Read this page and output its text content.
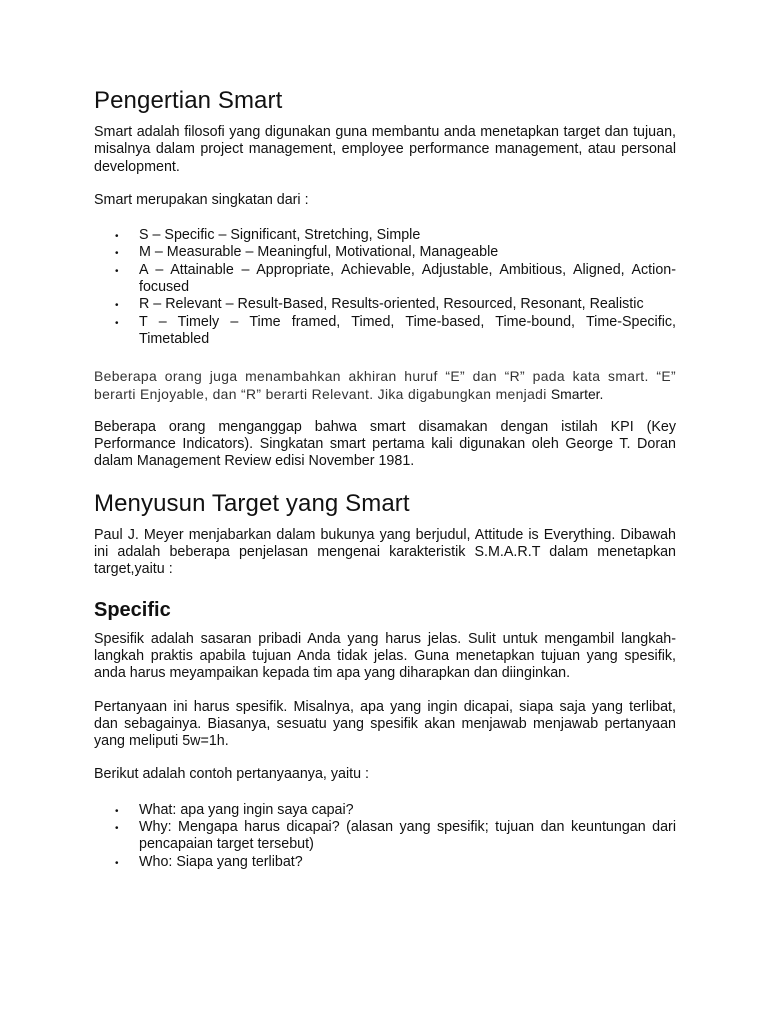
Pengertian Smart

Smart adalah filosofi yang digunakan guna membantu anda menetapkan target dan tujuan, misalnya dalam project management, employee performance management, atau personal development.

Smart merupakan singkatan dari :

• S – Specific – Significant, Stretching, Simple
• M – Measurable – Meaningful, Motivational, Manageable
• A – Attainable – Appropriate, Achievable, Adjustable, Ambitious, Aligned, Action-focused
• R – Relevant – Result-Based, Results-oriented, Resourced, Resonant, Realistic
• T – Timely – Time framed, Timed, Time-based, Time-bound, Time-Specific, Timetabled

Beberapa orang juga menambahkan akhiran huruf “E” dan “R” pada kata smart. “E” berarti Enjoyable, dan “R” berarti Relevant. Jika digabungkan menjadi Smarter.

Beberapa orang menganggap bahwa smart disamakan dengan istilah KPI (Key Performance Indicators). Singkatan smart pertama kali digunakan oleh George T. Doran dalam Management Review edisi November 1981.

Menyusun Target yang Smart

Paul J. Meyer menjabarkan dalam bukunya yang berjudul, Attitude is Everything. Dibawah ini adalah beberapa penjelasan mengenai karakteristik S.M.A.R.T dalam menetapkan target,yaitu :

Specific

Spesifik adalah sasaran pribadi Anda yang harus jelas. Sulit untuk mengambil langkah-langkah praktis apabila tujuan Anda tidak jelas. Guna menetapkan tujuan yang spesifik, anda harus meyampaikan kepada tim apa yang diharapkan dan diinginkan.

Pertanyaan ini harus spesifik. Misalnya, apa yang ingin dicapai, siapa saja yang terlibat, dan sebagainya. Biasanya, sesuatu yang spesifik akan menjawab menjawab pertanyaan yang meliputi 5w=1h.

Berikut adalah contoh pertanyaanya, yaitu :

• What: apa yang ingin saya capai?
• Why: Mengapa harus dicapai? (alasan yang spesifik; tujuan dan keuntungan dari pencapaian target tersebut)
• Who: Siapa yang terlibat?
